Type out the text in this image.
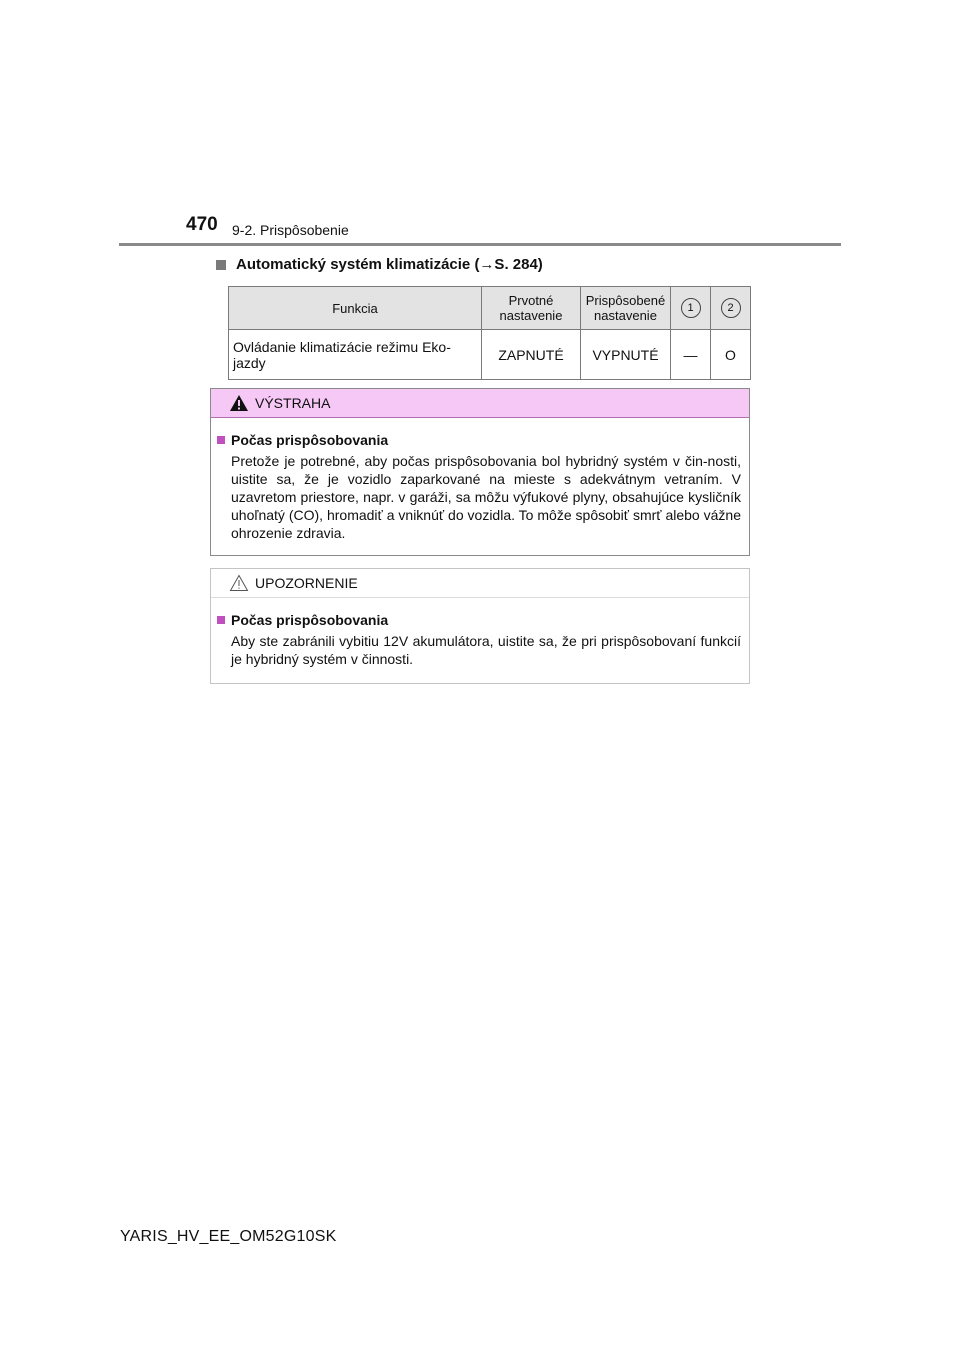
470 9-2. Prispôsobenie
Automatický systém klimatizácie (→S. 284)
Funkcia	Prvotné nastavenie	Prispôsobené nastavenie	1	2
Ovládanie klimatizácie režimu Eko-jazdy	ZAPNUTÉ	VYPNUTÉ	—	O
VÝSTRAHA
Počas prispôsobovania
Pretože je potrebné, aby počas prispôsobovania bol hybridný systém v čin-nosti, uistite sa, že je vozidlo zaparkované na mieste s adekvátnym vetraním. V uzavretom priestore, napr. v garáži, sa môžu výfukové plyny, obsahujúce kysličník uhoľnatý (CO), hromadiť a vniknúť do vozidla. To môže spôsobiť smrť alebo vážne ohrozenie zdravia.
UPOZORNENIE
Počas prispôsobovania
Aby ste zabránili vybitiu 12V akumulátora, uistite sa, že pri prispôsobovaní funkcií je hybridný systém v činnosti.
YARIS_HV_EE_OM52G10SK
